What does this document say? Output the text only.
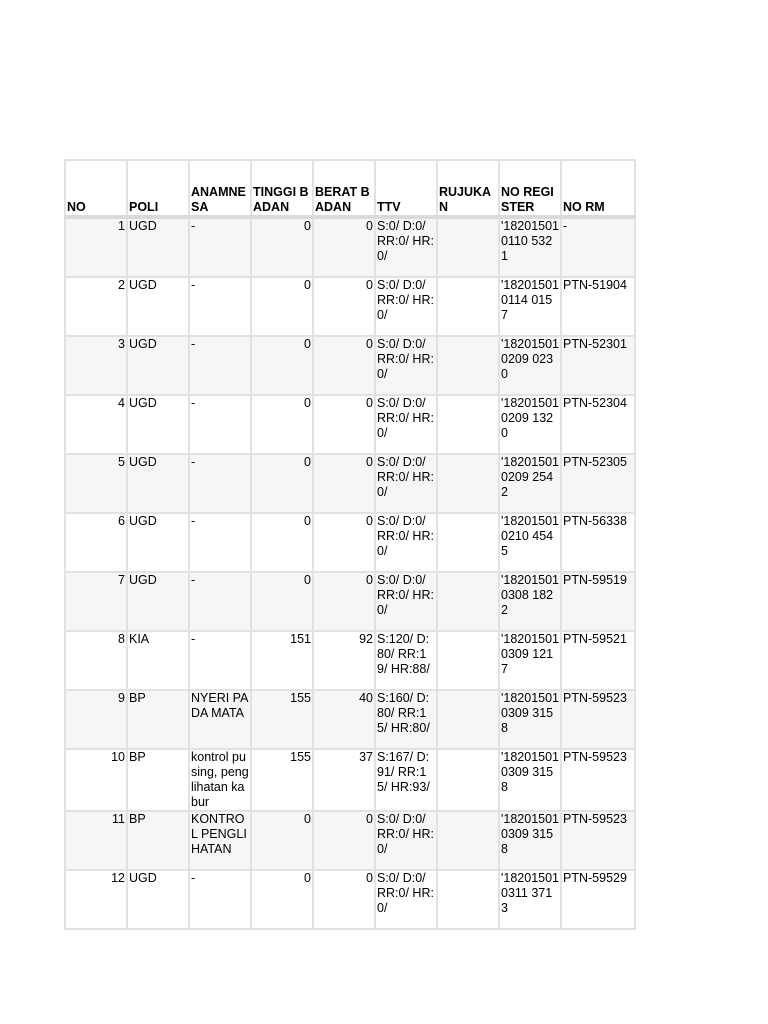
NO	POLI	ANAMNESA	TINGGI BADAN	BERAT BADAN	TTV	RUJUKAN	NO REGISTER	NO RM
1	UGD	-	0	0	S:0/ D:0/ RR:0/ HR:0/		'182015010110 5321	-
2	UGD	-	0	0	S:0/ D:0/ RR:0/ HR:0/		'182015010114 0157	PTN-51904
3	UGD	-	0	0	S:0/ D:0/ RR:0/ HR:0/		'182015010209 0230	PTN-52301
4	UGD	-	0	0	S:0/ D:0/ RR:0/ HR:0/		'182015010209 1320	PTN-52304
5	UGD	-	0	0	S:0/ D:0/ RR:0/ HR:0/		'182015010209 2542	PTN-52305
6	UGD	-	0	0	S:0/ D:0/ RR:0/ HR:0/		'182015010210 4545	PTN-56338
7	UGD	-	0	0	S:0/ D:0/ RR:0/ HR:0/		'182015010308 1822	PTN-59519
8	KIA	-	151	92	S:120/ D:80/ RR:19/ HR:88/		'182015010309 1217	PTN-59521
9	BP	NYERI PADA MATA	155	40	S:160/ D:80/ RR:15/ HR:80/		'182015010309 3158	PTN-59523
10	BP	kontrol pusing, penglihatan kabur	155	37	S:167/ D:91/ RR:15/ HR:93/		'182015010309 3158	PTN-59523
11	BP	KONTROL PENGLIHATAN	0	0	S:0/ D:0/ RR:0/ HR:0/		'182015010309 3158	PTN-59523
12	UGD	-	0	0	S:0/ D:0/ RR:0/ HR:0/		'182015010311 3713	PTN-59529
